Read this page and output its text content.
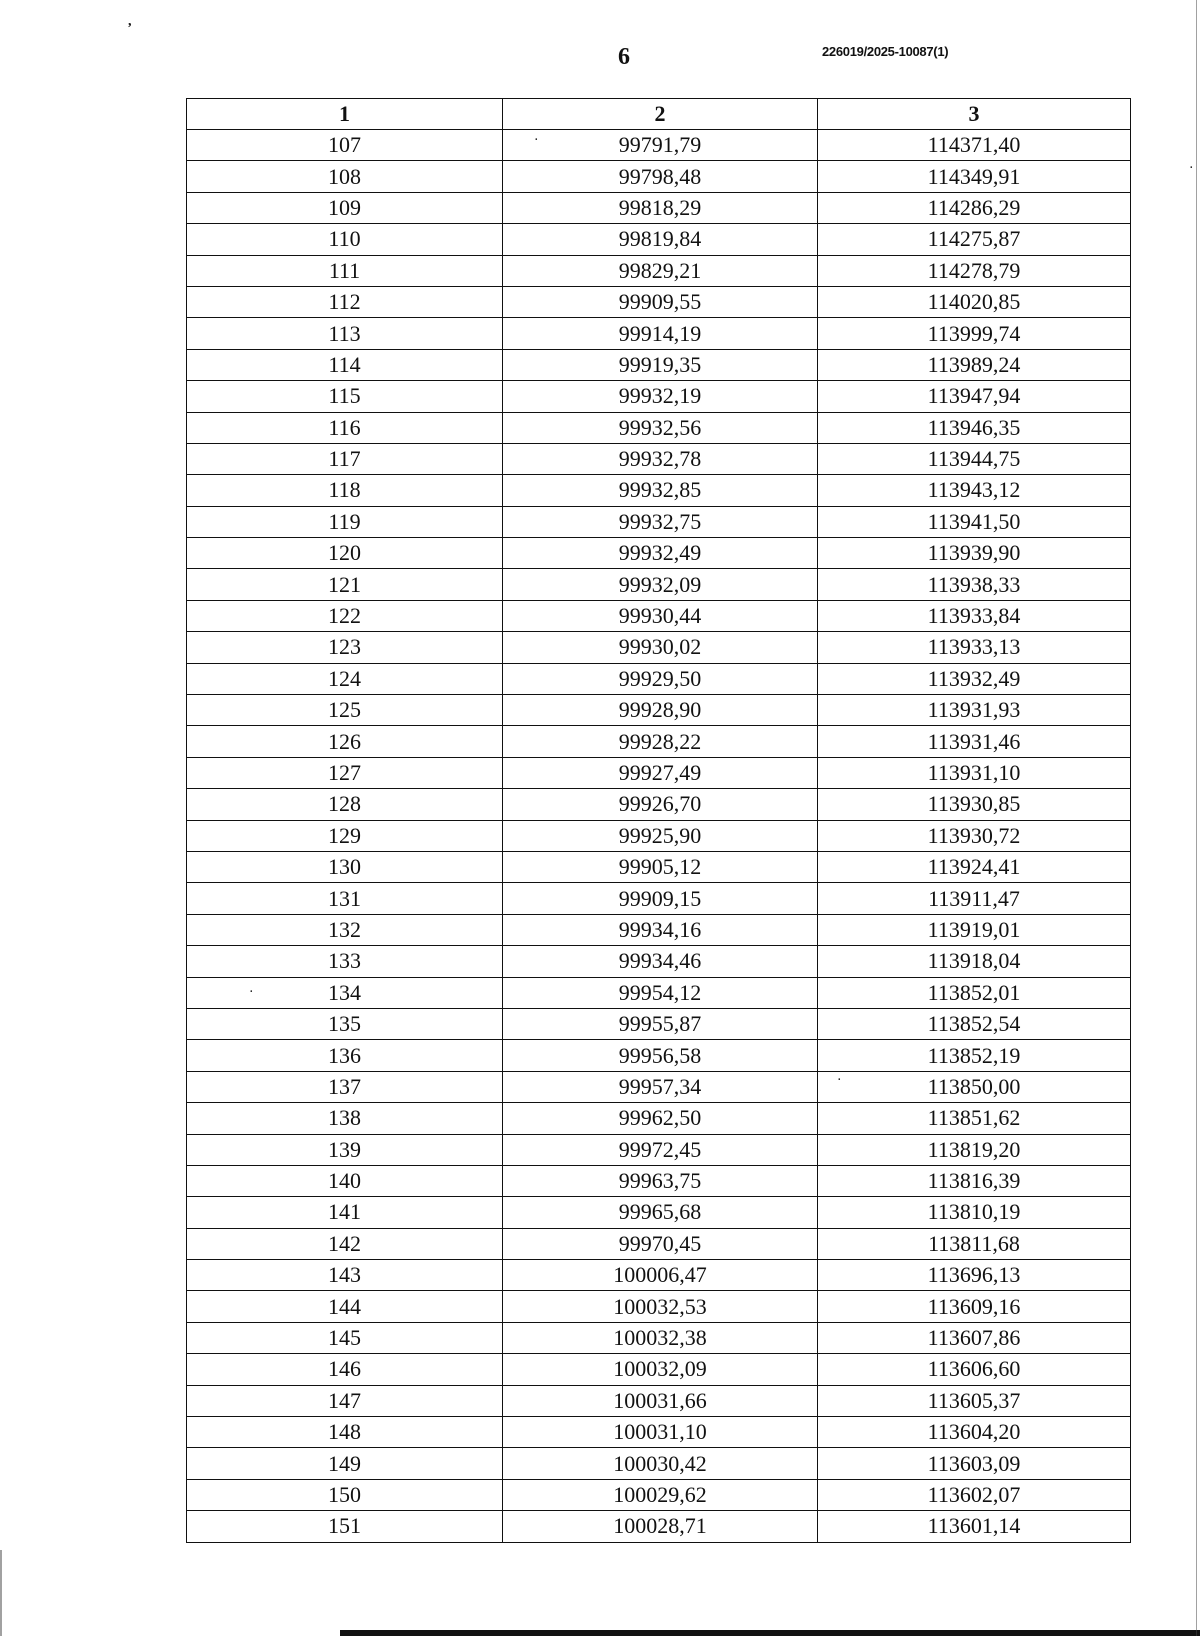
,
.
.
.
.
6	226019/2025-10087(1)
1	2	3
107	99791,79	114371,40
108	99798,48	114349,91
109	99818,29	114286,29
110	99819,84	114275,87
111	99829,21	114278,79
112	99909,55	114020,85
113	99914,19	113999,74
114	99919,35	113989,24
115	99932,19	113947,94
116	99932,56	113946,35
117	99932,78	113944,75
118	99932,85	113943,12
119	99932,75	113941,50
120	99932,49	113939,90
121	99932,09	113938,33
122	99930,44	113933,84
123	99930,02	113933,13
124	99929,50	113932,49
125	99928,90	113931,93
126	99928,22	113931,46
127	99927,49	113931,10
128	99926,70	113930,85
129	99925,90	113930,72
130	99905,12	113924,41
131	99909,15	113911,47
132	99934,16	113919,01
133	99934,46	113918,04
134	99954,12	113852,01
135	99955,87	113852,54
136	99956,58	113852,19
137	99957,34	113850,00
138	99962,50	113851,62
139	99972,45	113819,20
140	99963,75	113816,39
141	99965,68	113810,19
142	99970,45	113811,68
143	100006,47	113696,13
144	100032,53	113609,16
145	100032,38	113607,86
146	100032,09	113606,60
147	100031,66	113605,37
148	100031,10	113604,20
149	100030,42	113603,09
150	100029,62	113602,07
151	100028,71	113601,14
